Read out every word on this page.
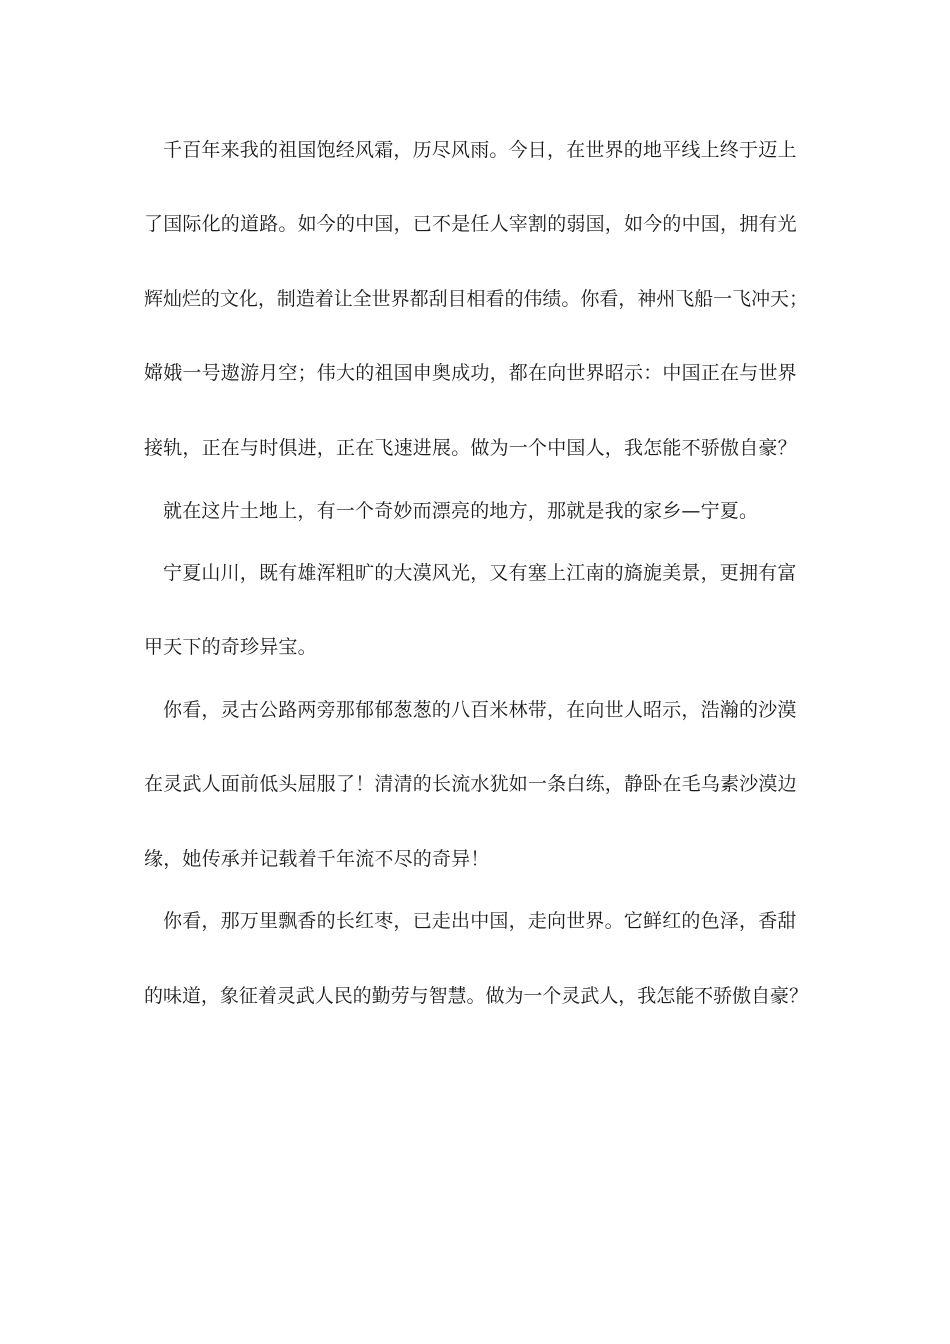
千百年来我的祖国饱经风霜，历尽风雨。今日，在世界的地平线上终于迈上
了国际化的道路。如今的中国，已不是任人宰割的弱国，如今的中国，拥有光
辉灿烂的文化，制造着让全世界都刮目相看的伟绩。你看，神州飞船一飞冲天；
嫦娥一号遨游月空；伟大的祖国申奥成功，都在向世界昭示：中国正在与世界
接轨，正在与时俱进，正在飞速进展。做为一个中国人，我怎能不骄傲自豪？
就在这片土地上，有一个奇妙而漂亮的地方，那就是我的家乡—宁夏。
宁夏山川，既有雄浑粗旷的大漠风光，又有塞上江南的旖旎美景，更拥有富
甲天下的奇珍异宝。
你看，灵古公路两旁那郁郁葱葱的八百米林带，在向世人昭示，浩瀚的沙漠
在灵武人面前低头屈服了！清清的长流水犹如一条白练，静卧在毛乌素沙漠边
缘，她传承并记载着千年流不尽的奇异！
你看，那万里飘香的长红枣，已走出中国，走向世界。它鲜红的色泽，香甜
的味道，象征着灵武人民的勤劳与智慧。做为一个灵武人，我怎能不骄傲自豪？
